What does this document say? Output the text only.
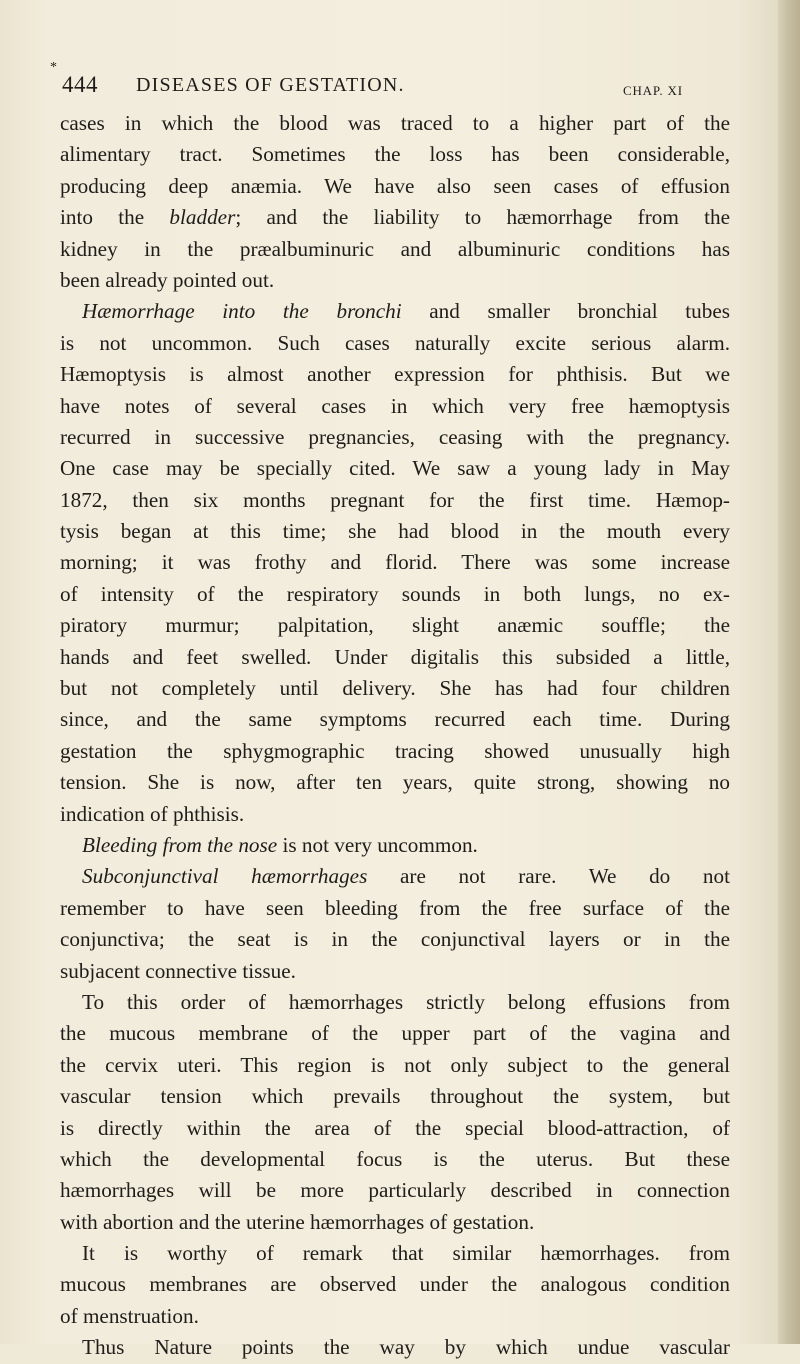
*
444 DISEASES OF GESTATION.	CHAP. XI
cases in which the blood was traced to a higher part of the
alimentary tract. Sometimes the loss has been considerable,
producing deep anæmia. We have also seen cases of effusion
into the bladder; and the liability to hæmorrhage from the
kidney in the præalbuminuric and albuminuric conditions has
been already pointed out.
Hæmorrhage into the bronchi and smaller bronchial tubes
is not uncommon. Such cases naturally excite serious alarm.
Hæmoptysis is almost another expression for phthisis. But we
have notes of several cases in which very free hæmoptysis
recurred in successive pregnancies, ceasing with the pregnancy.
One case may be specially cited. We saw a young lady in May
1872, then six months pregnant for the first time. Hæmop-
tysis began at this time; she had blood in the mouth every
morning; it was frothy and florid. There was some increase
of intensity of the respiratory sounds in both lungs, no ex-
piratory murmur; palpitation, slight anæmic souffle; the
hands and feet swelled. Under digitalis this subsided a little,
but not completely until delivery. She has had four children
since, and the same symptoms recurred each time. During
gestation the sphygmographic tracing showed unusually high
tension. She is now, after ten years, quite strong, showing no
indication of phthisis.
Bleeding from the nose is not very uncommon.
Subconjunctival hæmorrhages are not rare. We do not
remember to have seen bleeding from the free surface of the
conjunctiva; the seat is in the conjunctival layers or in the
subjacent connective tissue.
To this order of hæmorrhages strictly belong effusions from
the mucous membrane of the upper part of the vagina and
the cervix uteri. This region is not only subject to the general
vascular tension which prevails throughout the system, but
is directly within the area of the special blood-attraction, of
which the developmental focus is the uterus. But these
hæmorrhages will be more particularly described in connection
with abortion and the uterine hæmorrhages of gestation.
It is worthy of remark that similar hæmorrhages. from
mucous membranes are observed under the analogous condition
of menstruation.
Thus Nature points the way by which undue vascular
